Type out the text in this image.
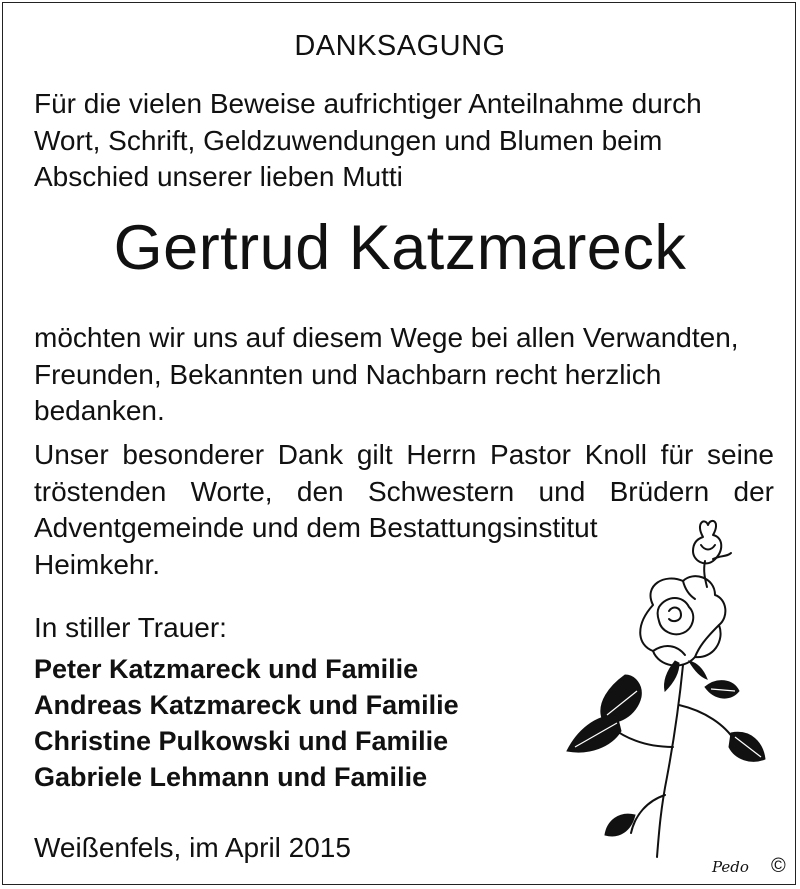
DANKSAGUNG
Für die vielen Beweise aufrichtiger Anteilnahme durch
Wort, Schrift, Geldzuwendungen und Blumen beim
Abschied unserer lieben Mutti
Gertrud Katzmareck
möchten wir uns auf diesem Wege bei allen Verwandten,
Freunden, Bekannten und Nachbarn recht herzlich
bedanken.
Unser besonderer Dank gilt Herrn Pastor Knoll für seine
tröstenden Worte, den Schwestern und Brüdern der
Adventgemeinde und dem Bestattungsinstitut
Heimkehr.
In stiller Trauer:
Peter Katzmareck und Familie
Andreas Katzmareck und Familie
Christine Pulkowski und Familie
Gabriele Lehmann und Familie
Weißenfels, im April 2015
Pedo ©
